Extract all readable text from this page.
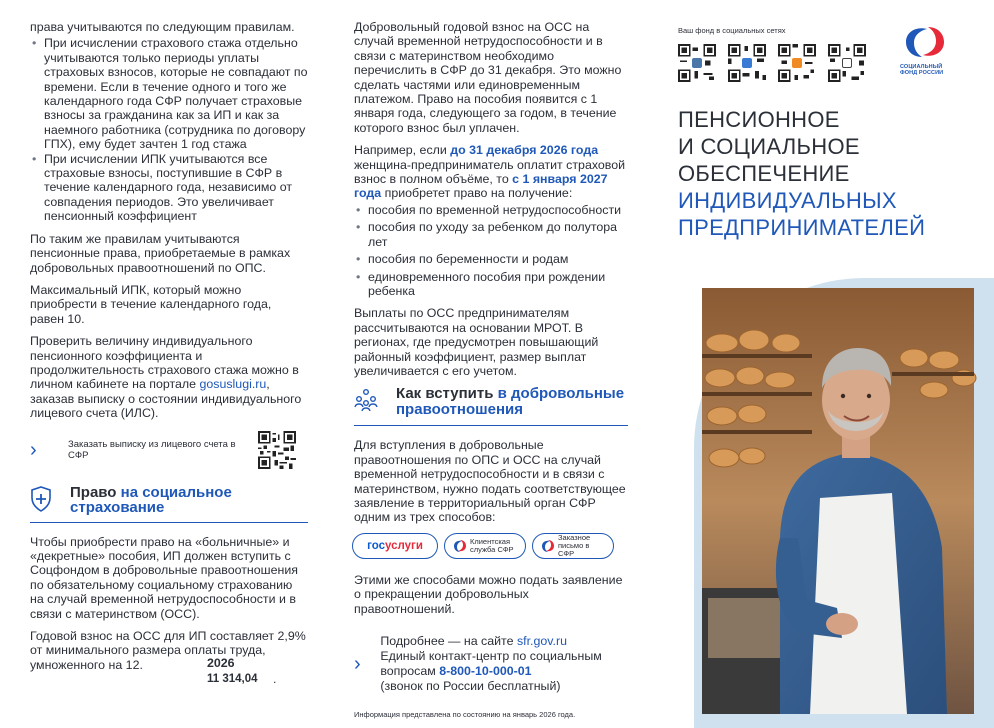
права учитываются по следующим правилам.

• При исчислении страхового стажа отдельно учитываются только периоды уплаты страховых взносов, которые не совпадают по времени. Если в течение одного и того же календарного года СФР получает страховые взносы за гражданина как за ИП и как за наемного работника (сотрудника по договору ГПХ), ему будет зачтен 1 год стажа
• При исчислении ИПК учитываются все страховые взносы, поступившие в СФР в течение календарного года, независимо от совпадения периодов. Это увеличивает пенсионный коэффициент

По таким же правилам учитываются пенсионные права, приобретаемые в рамках добровольных правоотношений по ОПС.

Максимальный ИПК, который можно приобрести в течение календарного года, равен 10.

Проверить величину индивидуального пенсионного коэффициента и продолжительность страхового стажа можно в личном кабинете на портале gosuslugi.ru, заказав выписку о состоянии индивидуального лицевого счета (ИЛС).

›	Заказать выписку из лицевого счета в СФР
Право на социальное
страхование

Чтобы приобрести право на «больничные» и «декретные» пособия, ИП должен вступить с Соцфондом в добровольные правоотношения по обязательному социальному страхованию на случай временной нетрудоспособности и в связи с материнством (ОСС).

Годовой взнос на ОСС для ИП составляет 2,9% от минимального размера оплаты труда, умноженного на 12.	2026
11 314,04 .

Добровольный годовой взнос на ОСС на случай временной нетрудоспособности и в связи с материнством необходимо перечислить в СФР до 31 декабря. Это можно сделать частями или единовременным платежом. Право на пособия появится с 1 января года, следующего за годом, в течение которого взнос был уплачен.

Например, если до 31 декабря 2026 года женщина-предприниматель оплатит страховой взнос в полном объёме, то с 1 января 2027 года приобретет право на получение:

• пособия по временной нетрудоспособности
• пособия по уходу за ребенком до полутора лет
• пособия по беременности и родам
• единовременного пособия при рождении ребенка

Выплаты по ОСС предпринимателям рассчитываются на основании МРОТ. В регионах, где предусмотрен повышающий районный коэффициент, размер выплат увеличивается с его учетом.

Как вступить в добровольные
правоотношения

Для вступления в добровольные правоотношения по ОПС и ОСС на случай временной нетрудоспособности и в связи с материнством, нужно подать соответствующее заявление в территориальный орган СФР одним из трех способов:

гос услуги	Клиентская служба СФР
Заказное письмо в СФР

Этими же способами можно подать заявление о прекращении добровольных правоотношений.

›
Подробнее — на сайте sfr.gov.ru
Единый контакт-центр по социальным вопросам 8-800-10-000-01
(звонок по России бесплатный)
Информация представлена по состоянию на январь 2026 года.
Ваш фонд в социальных сетях
СОЦИАЛЬНЫЙ
ФОНД РОССИИ
ПЕНСИОННОЕ
И СОЦИАЛЬНОЕ
ОБЕСПЕЧЕНИЕ
ИНДИВИДУАЛЬНЫХ
ПРЕДПРИНИМАТЕЛЕЙ
